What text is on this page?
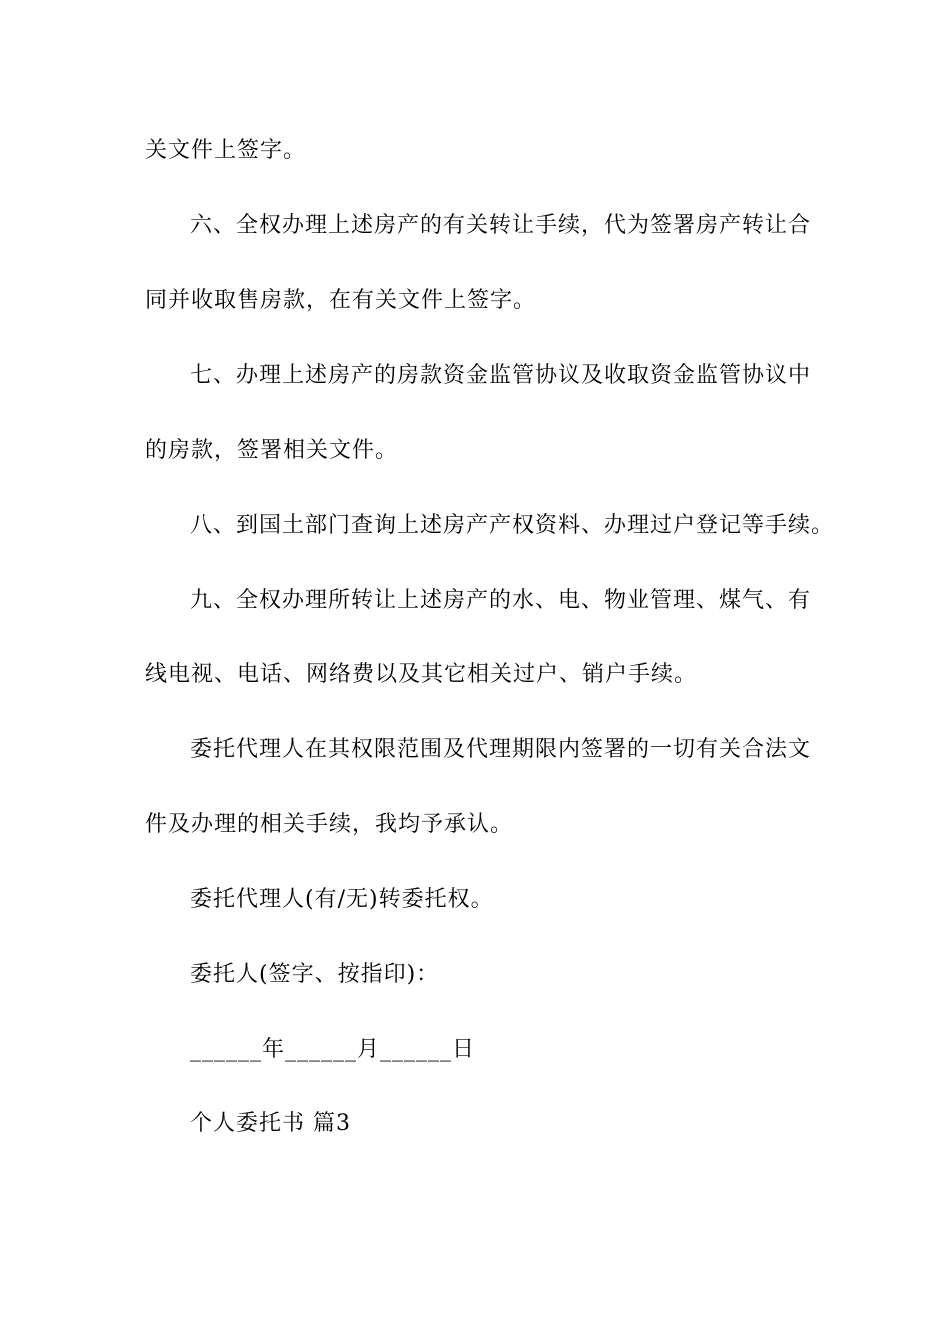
关文件上签字。
六、全权办理上述房产的有关转让手续，代为签署房产转让合
同并收取售房款，在有关文件上签字。
七、办理上述房产的房款资金监管协议及收取资金监管协议中
的房款，签署相关文件。
八、到国土部门查询上述房产产权资料、办理过户登记等手续。
九、全权办理所转让上述房产的水、电、物业管理、煤气、有
线电视、电话、网络费以及其它相关过户、销户手续。
委托代理人在其权限范围及代理期限内签署的一切有关合法文
件及办理的相关手续，我均予承认。
委托代理人(有/无)转委托权。
委托人(签字、按指印)：
______年______月______日
个人委托书 篇3
